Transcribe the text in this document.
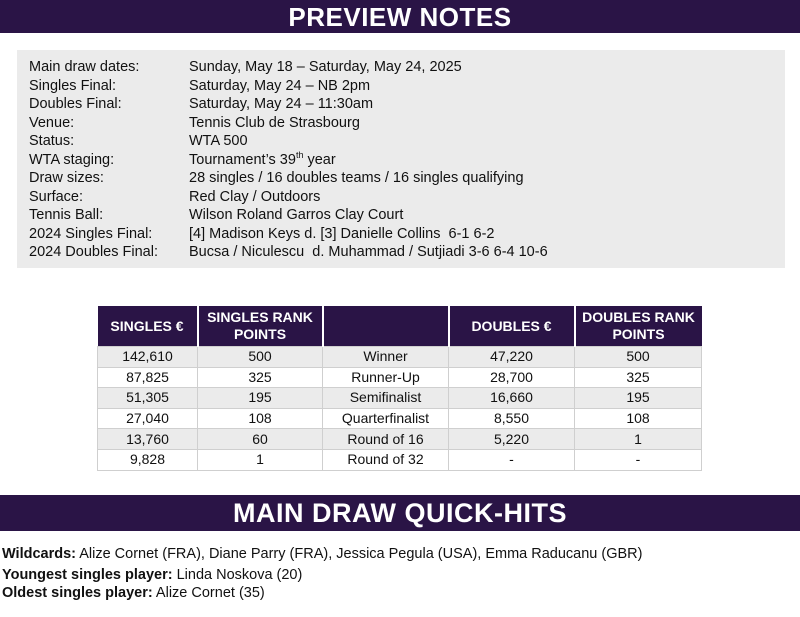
PREVIEW NOTES
Main draw dates:	Sunday, May 18 – Saturday, May 24, 2025
Singles Final:	Saturday, May 24 – NB 2pm
Doubles Final:	Saturday, May 24 – 11:30am
Venue:	Tennis Club de Strasbourg
Status:	WTA 500
WTA staging:	Tournament’s 39th year
Draw sizes:	28 singles / 16 doubles teams / 16 singles qualifying
Surface:	Red Clay / Outdoors
Tennis Ball:	Wilson Roland Garros Clay Court
2024 Singles Final:	[4] Madison Keys d. [3] Danielle Collins  6-1 6-2
2024 Doubles Final:	Bucsa / Niculescu  d. Muhammad / Sutjiadi 3-6 6-4 10-6
SINGLES €	SINGLES RANK POINTS		DOUBLES €	DOUBLES RANK POINTS
142,610	500	Winner	47,220	500
87,825	325	Runner-Up	28,700	325
51,305	195	Semifinalist	16,660	195
27,040	108	Quarterfinalist	8,550	108
13,760	60	Round of 16	5,220	1
9,828	1	Round of 32	-	-
MAIN DRAW QUICK-HITS
Wildcards: Alize Cornet (FRA), Diane Parry (FRA), Jessica Pegula (USA), Emma Raducanu (GBR)
Youngest singles player: Linda Noskova (20)
Oldest singles player: Alize Cornet (35)
